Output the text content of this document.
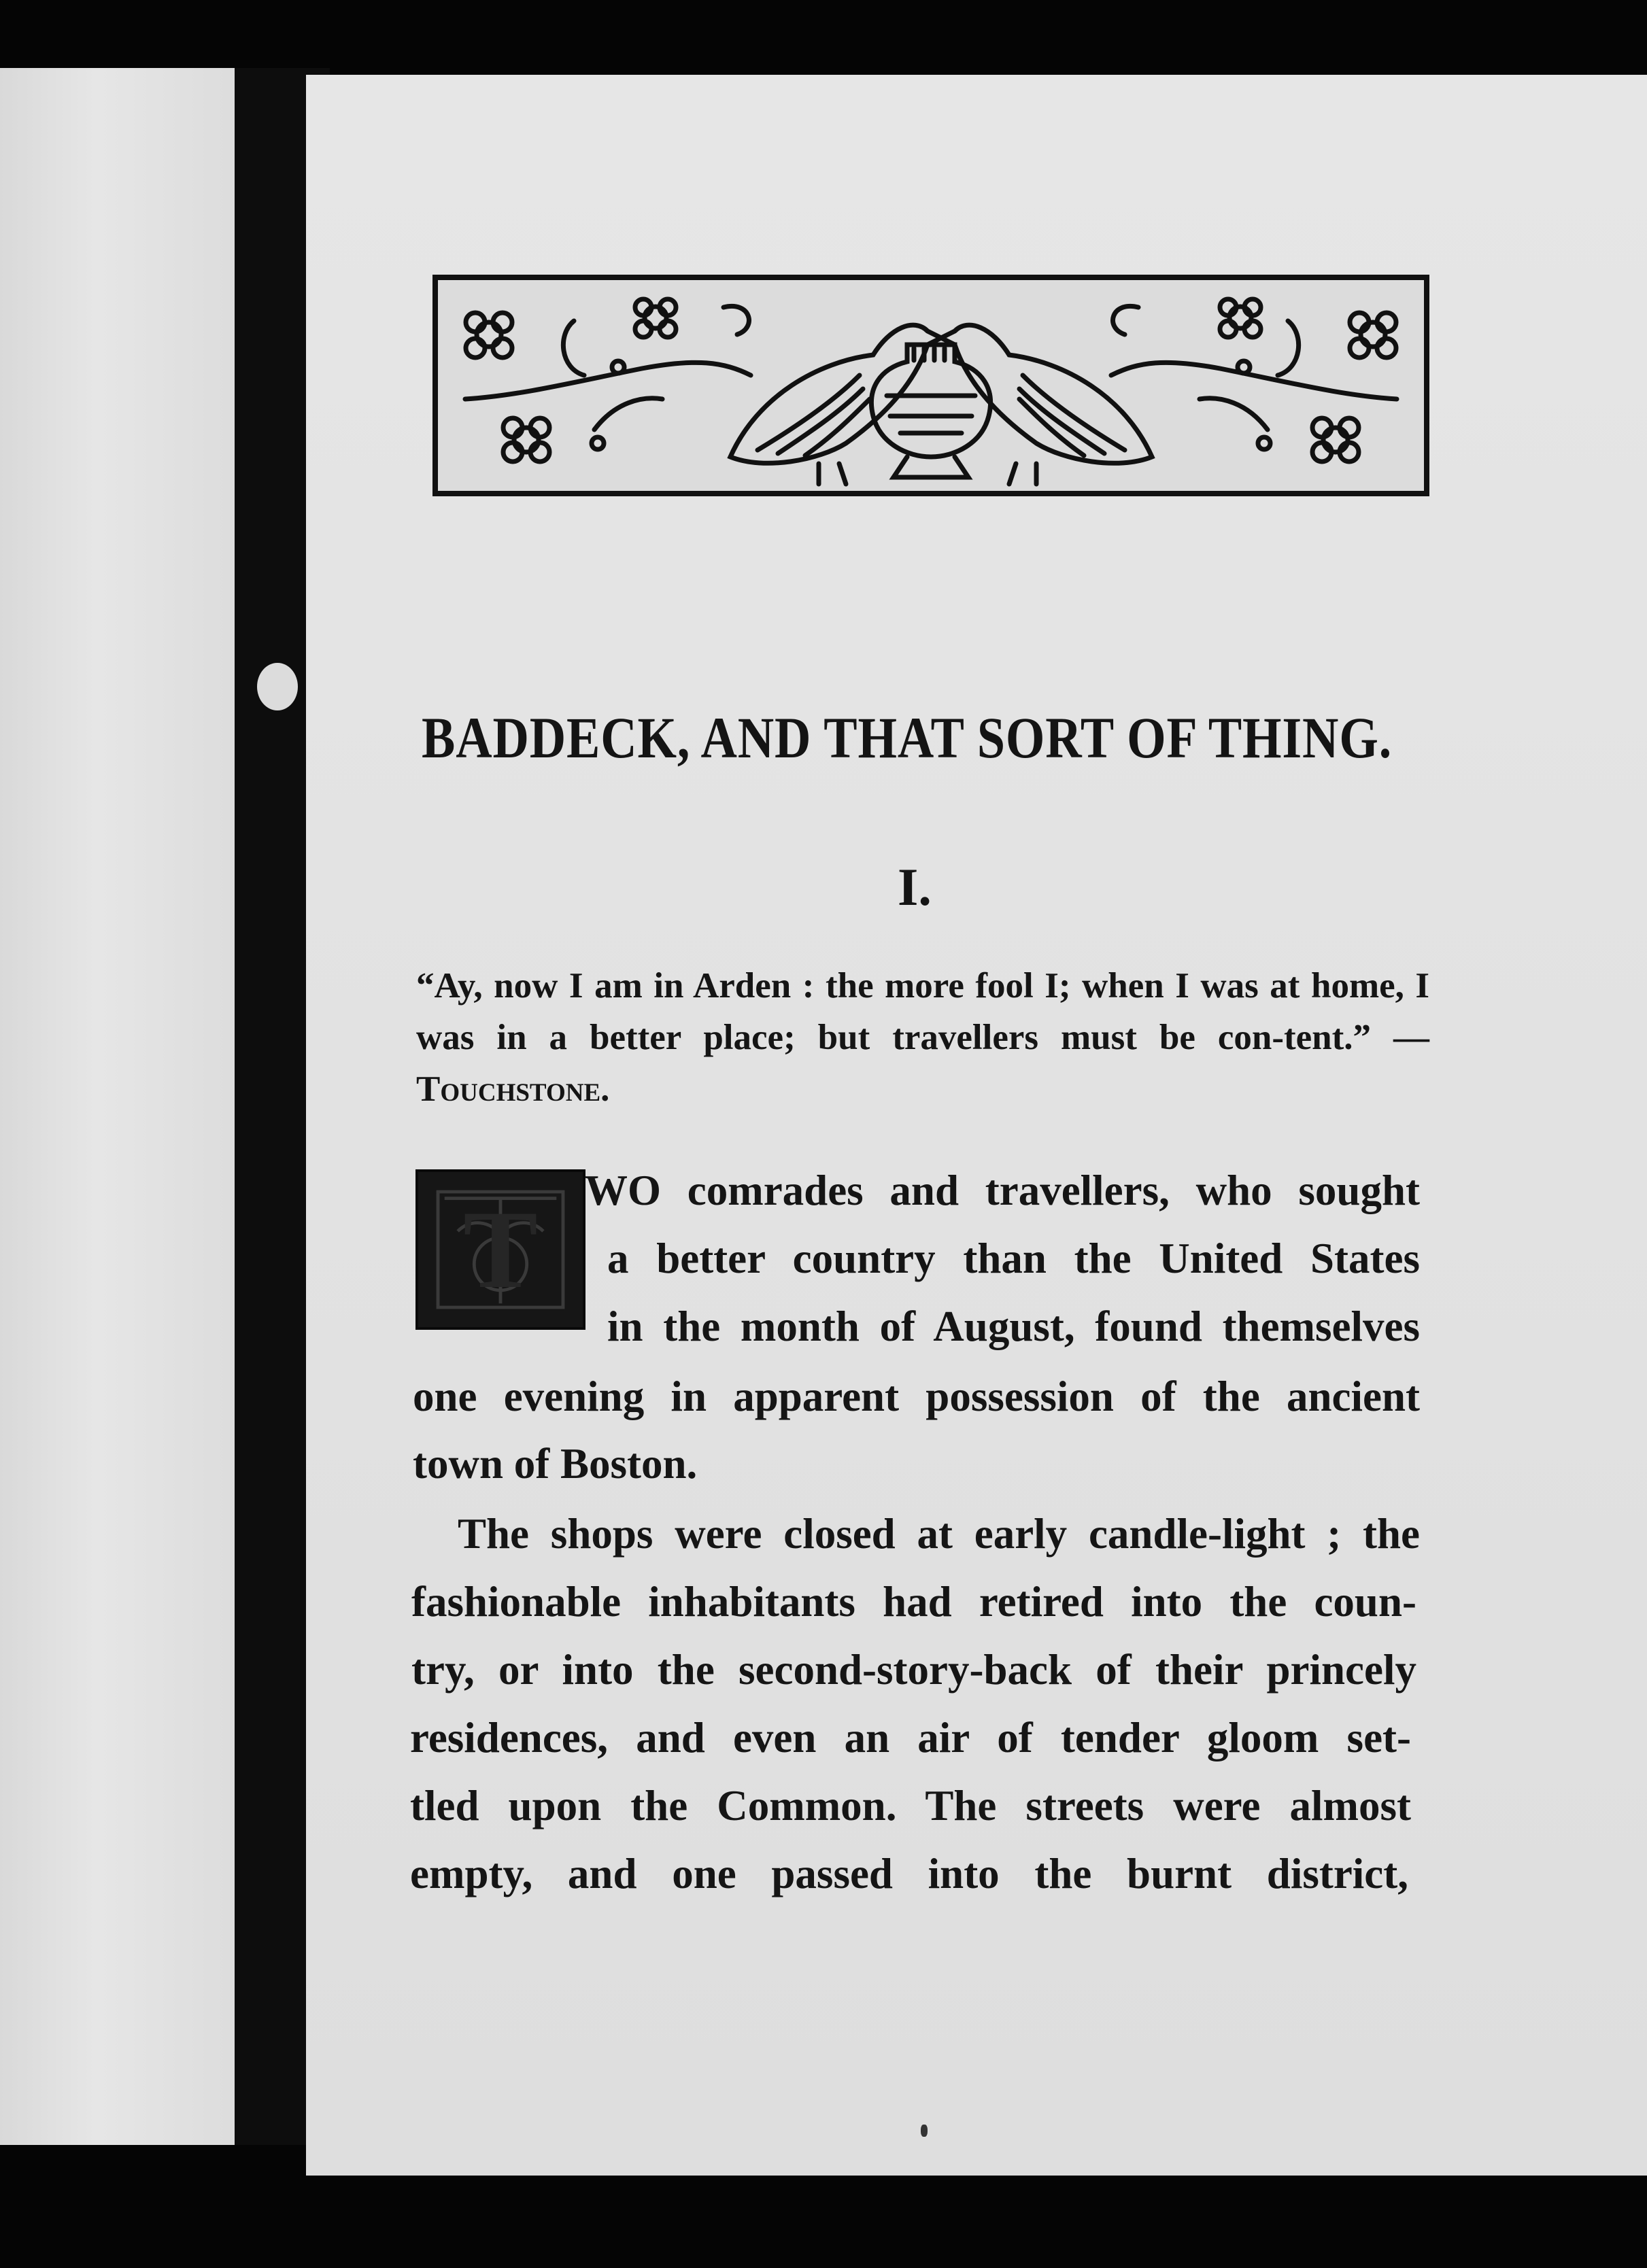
BADDECK, AND THAT SORT OF THING.
I.
“Ay, now I am in Arden : the more fool I; when I was at home, I was in a better place; but travellers must be con-tent.” — Touchstone.
T WO comrades and travellers, who sought
a better country than the United States
in the month of August, found themselves
one evening in apparent possession of the ancient
town of Boston.
The shops were closed at early candle-light ; the
fashionable inhabitants had retired into the coun-
try, or into the second-story-back of their princely
residences, and even an air of tender gloom set-
tled upon the Common. The streets were almost
empty, and one passed into the burnt district,
